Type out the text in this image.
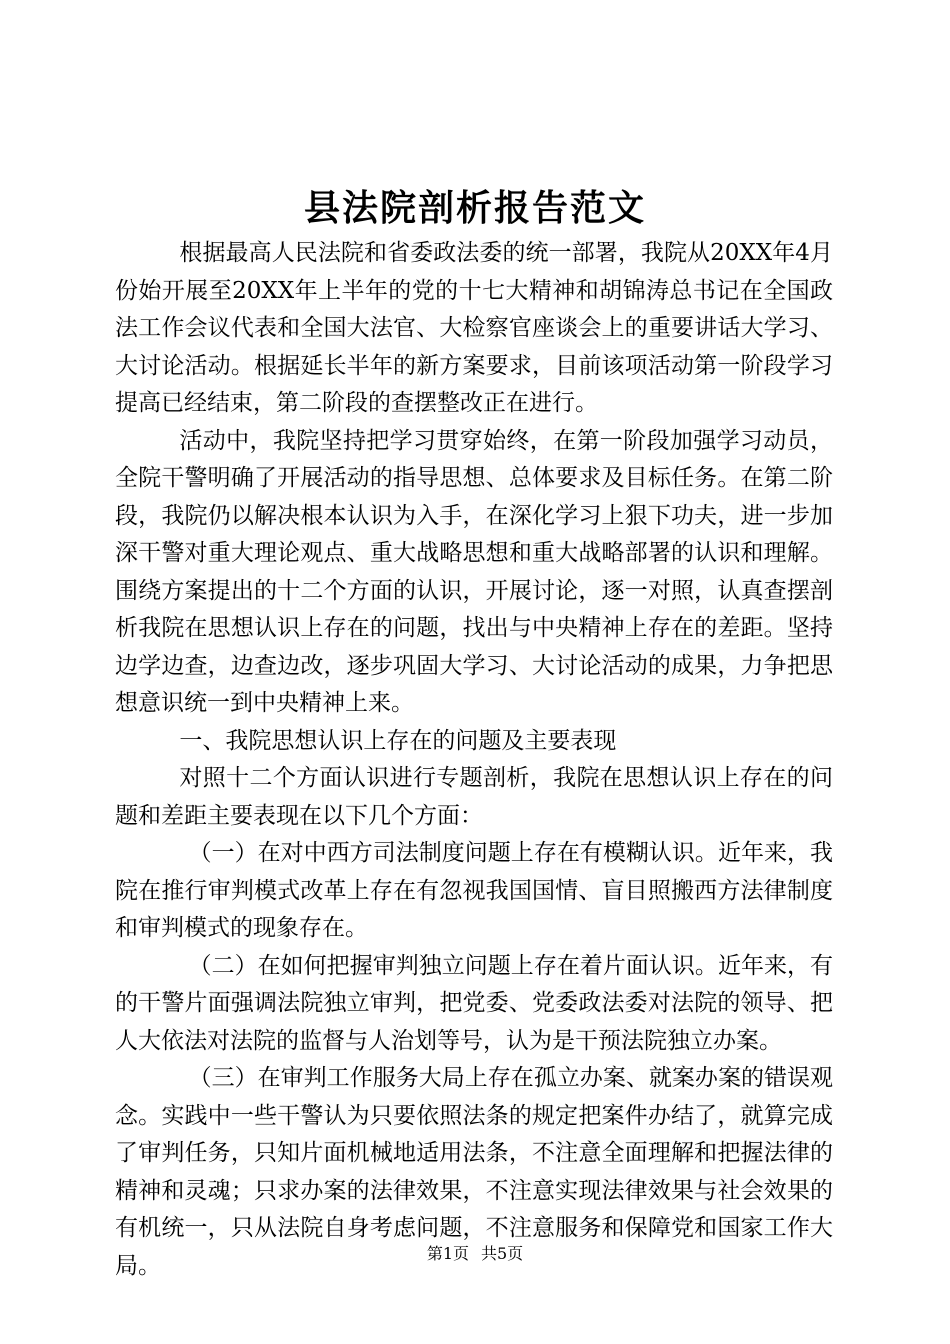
县法院剖析报告范文

根据最高人民法院和省委政法委的统一部署，我院从20XX年4月份始开展至20XX年上半年的党的十七大精神和胡锦涛总书记在全国政法工作会议代表和全国大法官、大检察官座谈会上的重要讲话大学习、大讨论活动。根据延长半年的新方案要求，目前该项活动第一阶段学习提高已经结束，第二阶段的查摆整改正在进行。

活动中，我院坚持把学习贯穿始终，在第一阶段加强学习动员，全院干警明确了开展活动的指导思想、总体要求及目标任务。在第二阶段，我院仍以解决根本认识为入手，在深化学习上狠下功夫，进一步加深干警对重大理论观点、重大战略思想和重大战略部署的认识和理解。围绕方案提出的十二个方面的认识，开展讨论，逐一对照，认真查摆剖析我院在思想认识上存在的问题，找出与中央精神上存在的差距。坚持边学边查，边查边改，逐步巩固大学习、大讨论活动的成果，力争把思想意识统一到中央精神上来。

一、我院思想认识上存在的问题及主要表现

对照十二个方面认识进行专题剖析，我院在思想认识上存在的问题和差距主要表现在以下几个方面：

（一）在对中西方司法制度问题上存在有模糊认识。近年来，我院在推行审判模式改革上存在有忽视我国国情、盲目照搬西方法律制度和审判模式的现象存在。

（二）在如何把握审判独立问题上存在着片面认识。近年来，有的干警片面强调法院独立审判，把党委、党委政法委对法院的领导、把人大依法对法院的监督与人治划等号，认为是干预法院独立办案。

（三）在审判工作服务大局上存在孤立办案、就案办案的错误观念。实践中一些干警认为只要依照法条的规定把案件办结了，就算完成了审判任务，只知片面机械地适用法条，不注意全面理解和把握法律的精神和灵魂；只求办案的法律效果，不注意实现法律效果与社会效果的有机统一，只从法院自身考虑问题，不注意服务和保障党和国家工作大局。	第1页 共5页
